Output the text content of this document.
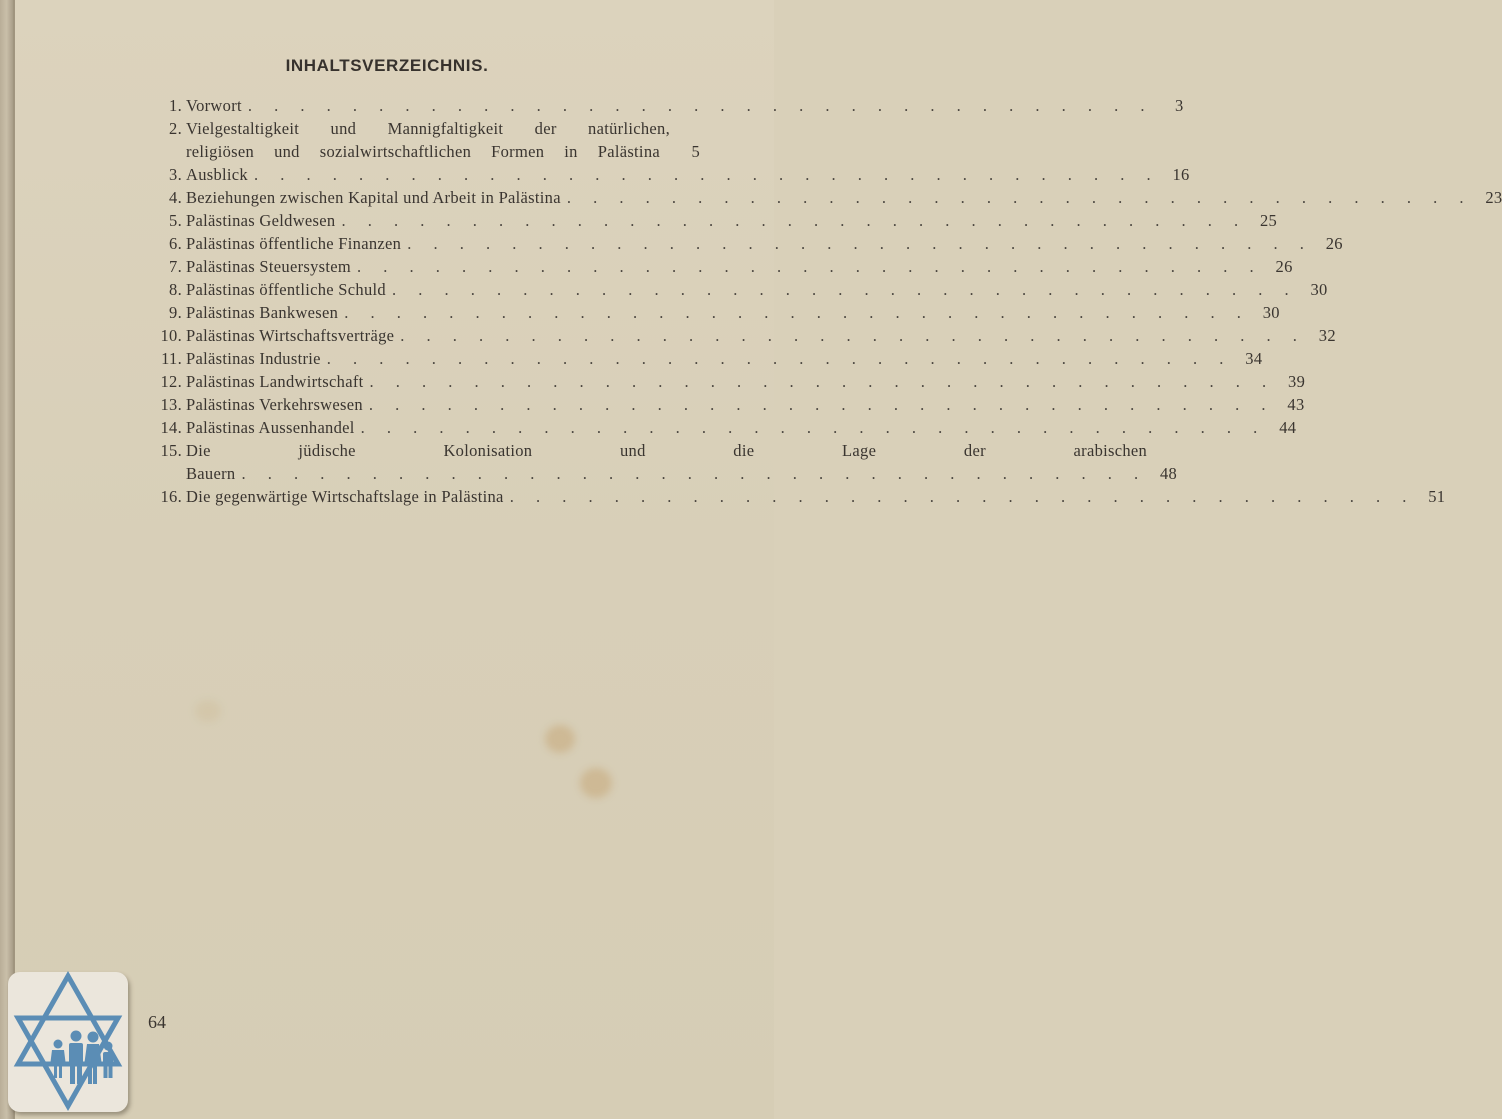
INHALTSVERZEICHNIS.
1. Vorwort . . .	3
2. Vielgestaltigkeit und Mannigfaltigkeit der natürlichen,
religiösen und sozialwirtschaftlichen Formen in Palästina	5
3. Ausblick . . .	16
4. Beziehungen zwischen Kapital und Arbeit in Palästina . . .	23
5. Palästinas Geldwesen . . .	25
6. Palästinas öffentliche Finanzen . . .	26
7. Palästinas Steuersystem . . .	26
8. Palästinas öffentliche Schuld . . .	30
9. Palästinas Bankwesen . . .	30
10. Palästinas Wirtschaftsverträge . . .	32
11. Palästinas Industrie . . .	34
12. Palästinas Landwirtschaft . . .	39
13. Palästinas Verkehrswesen . . .	43
14. Palästinas Aussenhandel . . .	44
15. Die jüdische Kolonisation und die Lage der arabischen
Bauern . . .	48
16. Die gegenwärtige Wirtschaftslage in Palästina . . .	51
64
